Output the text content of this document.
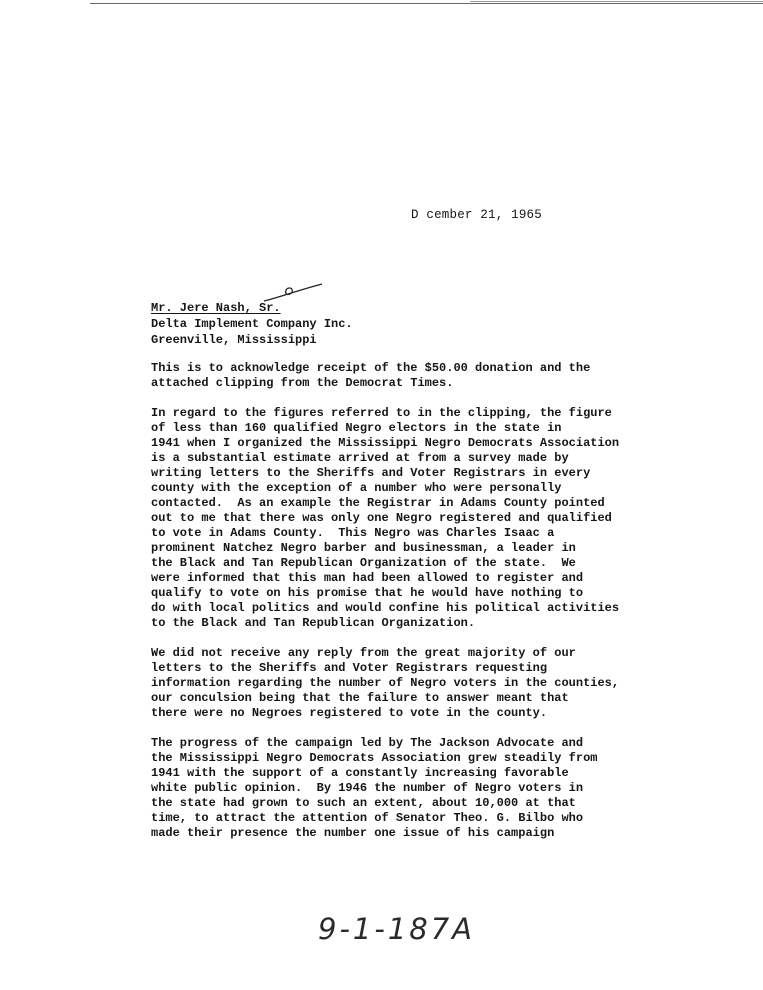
D cember 21, 1965
Mr. Jere Nash, Sr.
Delta Implement Company Inc.
Greenville, Mississippi
This is to acknowledge receipt of the $50.00 donation and the
attached clipping from the Democrat Times.
In regard to the figures referred to in the clipping, the figure
of less than 160 qualified Negro electors in the state in
1941 when I organized the Mississippi Negro Democrats Association
is a substantial estimate arrived at from a survey made by
writing letters to the Sheriffs and Voter Registrars in every
county with the exception of a number who were personally
contacted.  As an example the Registrar in Adams County pointed
out to me that there was only one Negro registered and qualified
to vote in Adams County.  This Negro was Charles Isaac a
prominent Natchez Negro barber and businessman, a leader in
the Black and Tan Republican Organization of the state.  We
were informed that this man had been allowed to register and
qualify to vote on his promise that he would have nothing to
do with local politics and would confine his political activities
to the Black and Tan Republican Organization.
We did not receive any reply from the great majority of our
letters to the Sheriffs and Voter Registrars requesting
information regarding the number of Negro voters in the counties,
our conculsion being that the failure to answer meant that
there were no Negroes registered to vote in the county.
The progress of the campaign led by The Jackson Advocate and
the Mississippi Negro Democrats Association grew steadily from
1941 with the support of a constantly increasing favorable
white public opinion.  By 1946 the number of Negro voters in
the state had grown to such an extent, about 10,000 at that
time, to attract the attention of Senator Theo. G. Bilbo who
made their presence the number one issue of his campaign
9-1-187A
